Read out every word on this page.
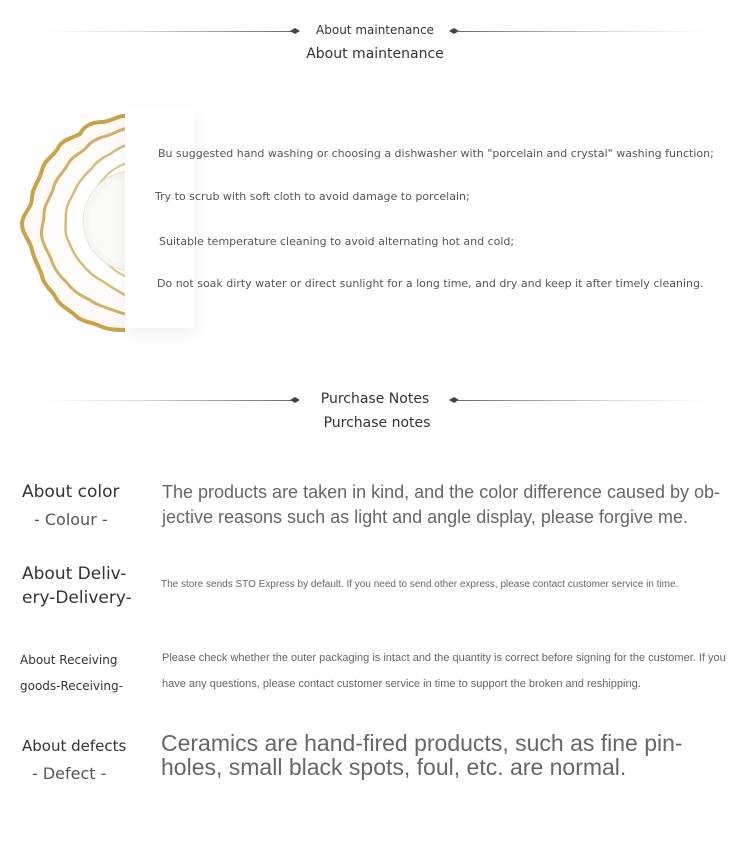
About maintenance
About maintenance
Bu suggested hand washing or choosing a dishwasher with "porcelain and crystal" washing function;
Try to scrub with soft cloth to avoid damage to porcelain;
Suitable temperature cleaning to avoid alternating hot and cold;
Do not soak dirty water or direct sunlight for a long time, and dry and keep it after timely cleaning.
Purchase Notes
Purchase notes
About color
- Colour -
The products are taken in kind, and the color difference caused by ob-
jective reasons such as light and angle display, please forgive me.
About Deliv-
ery-Delivery-
The store sends STO Express by default. If you need to send other express, please contact customer service in time.
About Receiving
goods-Receiving-
Please check whether the outer packaging is intact and the quantity is correct before signing for the customer. If you
have any questions, please contact customer service in time to support the broken and reshipping.
About defects
- Defect -
Ceramics are hand-fired products, such as fine pin-
holes, small black spots, foul, etc. are normal.
